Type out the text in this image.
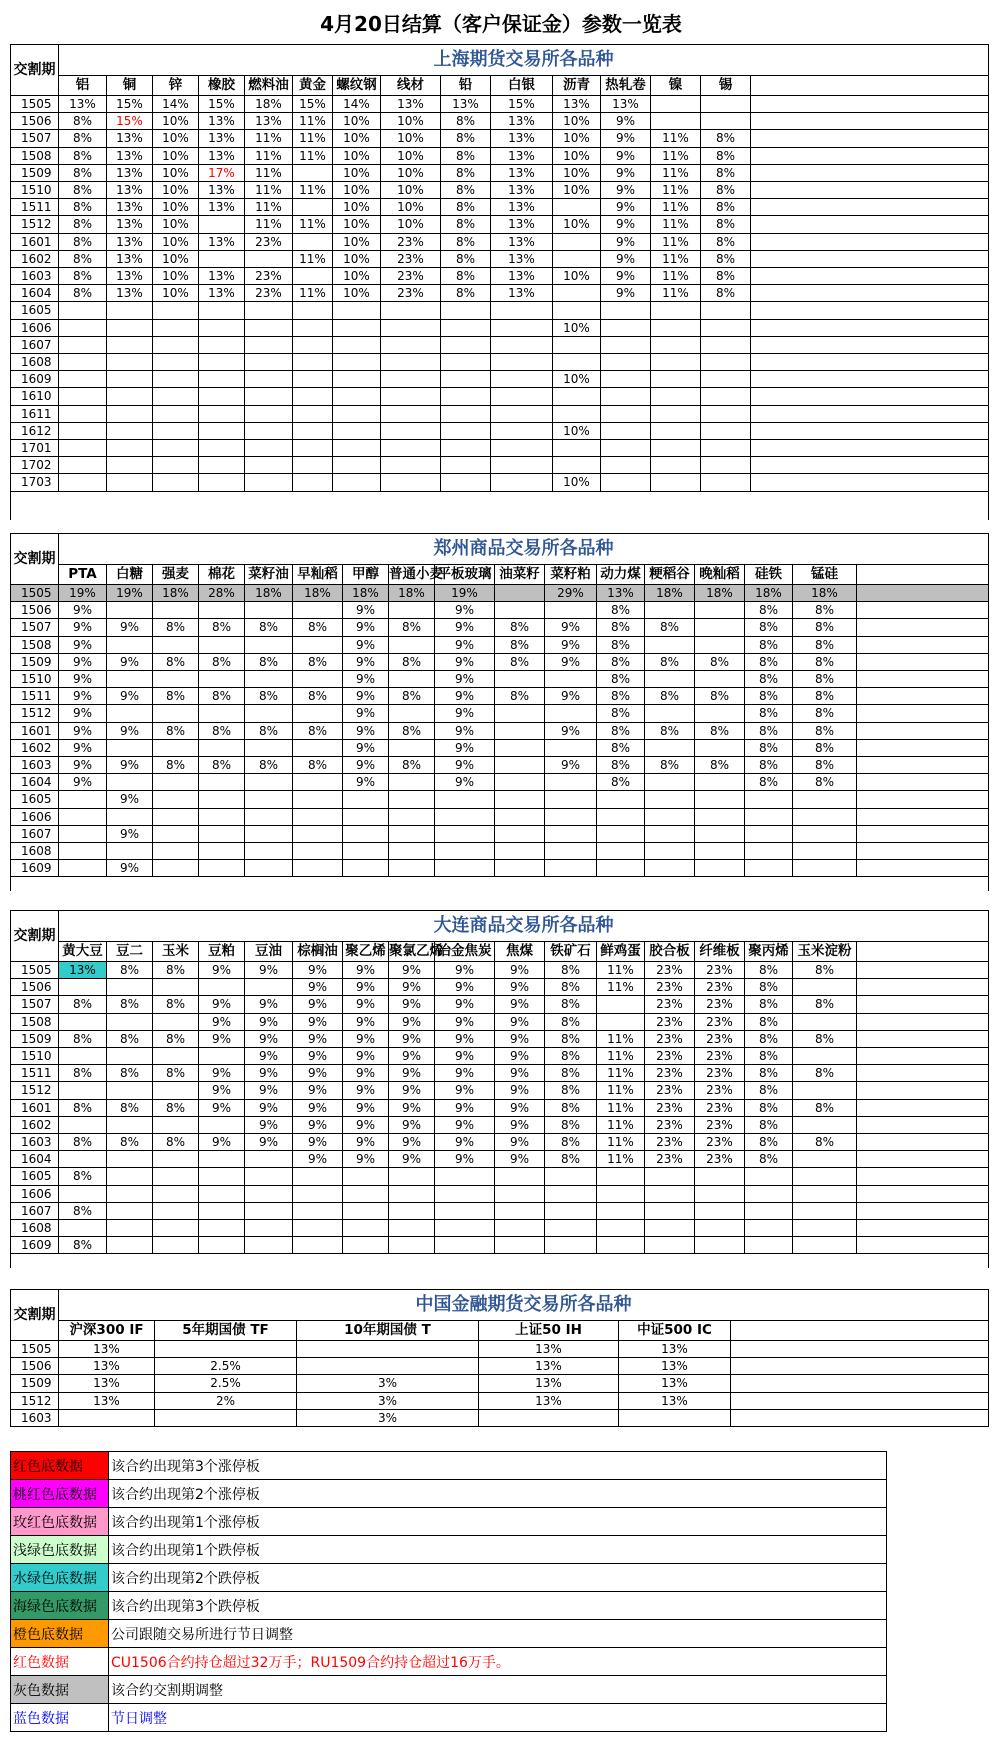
4月20日结算（客户保证金）参数一览表
交割期	上海期货交易所各品种														
	铝	铜	锌	橡胶	燃料油	黄金	螺纹钢	线材	铅	白银	沥青	热轧卷	镍	锡	
1505	13%	15%	14%	15%	18%	15%	14%	13%	13%	15%	13%	13%			
1506	8%	15%	10%	13%	13%	11%	10%	10%	8%	13%	10%	9%			
1507	8%	13%	10%	13%	11%	11%	10%	10%	8%	13%	10%	9%	11%	8%	
1508	8%	13%	10%	13%	11%	11%	10%	10%	8%	13%	10%	9%	11%	8%	
1509	8%	13%	10%	17%	11%		10%	10%	8%	13%	10%	9%	11%	8%	
1510	8%	13%	10%	13%	11%	11%	10%	10%	8%	13%	10%	9%	11%	8%	
1511	8%	13%	10%	13%	11%		10%	10%	8%	13%		9%	11%	8%	
1512	8%	13%	10%		11%	11%	10%	10%	8%	13%	10%	9%	11%	8%	
1601	8%	13%	10%	13%	23%		10%	23%	8%	13%		9%	11%	8%	
1602	8%	13%	10%			11%	10%	23%	8%	13%		9%	11%	8%	
1603	8%	13%	10%	13%	23%		10%	23%	8%	13%	10%	9%	11%	8%	
1604	8%	13%	10%	13%	23%	11%	10%	23%	8%	13%		9%	11%	8%	
1605															
1606											10%				
1607															
1608															
1609											10%				
1610															
1611															
1612											10%				
1701															
1702															
1703											10%				

交割期	郑州商品交易所各品种																
	PTA	白糖	强麦	棉花	菜籽油	早籼稻	甲醇	普通小麦	平板玻璃	油菜籽	菜籽粕	动力煤	粳稻谷	晚籼稻	硅铁	锰硅	
1505	19%	19%	18%	28%	18%	18%	18%	18%	19%		29%	13%	18%	18%	18%	18%	
1506	9%						9%		9%			8%			8%	8%	
1507	9%	9%	8%	8%	8%	8%	9%	8%	9%	8%	9%	8%	8%		8%	8%	
1508	9%						9%		9%	8%	9%	8%			8%	8%	
1509	9%	9%	8%	8%	8%	8%	9%	8%	9%	8%	9%	8%	8%	8%	8%	8%	
1510	9%						9%		9%			8%			8%	8%	
1511	9%	9%	8%	8%	8%	8%	9%	8%	9%	8%	9%	8%	8%	8%	8%	8%	
1512	9%						9%		9%			8%			8%	8%	
1601	9%	9%	8%	8%	8%	8%	9%	8%	9%		9%	8%	8%	8%	8%	8%	
1602	9%						9%		9%			8%			8%	8%	
1603	9%	9%	8%	8%	8%	8%	9%	8%	9%		9%	8%	8%	8%	8%	8%	
1604	9%						9%		9%			8%			8%	8%	
1605		9%															
1606																	
1607		9%															
1608																	
1609		9%															

交割期	大连商品交易所各品种																
	黄大豆	豆二	玉米	豆粕	豆油	棕榈油	聚乙烯	聚氯乙烯	冶金焦炭	焦煤	铁矿石	鲜鸡蛋	胶合板	纤维板	聚丙烯	玉米淀粉	
1505	13%	8%	8%	9%	9%	9%	9%	9%	9%	9%	8%	11%	23%	23%	8%	8%	
1506						9%	9%	9%	9%	9%	8%	11%	23%	23%	8%		
1507	8%	8%	8%	9%	9%	9%	9%	9%	9%	9%	8%		23%	23%	8%	8%	
1508				9%	9%	9%	9%	9%	9%	9%	8%		23%	23%	8%		
1509	8%	8%	8%	9%	9%	9%	9%	9%	9%	9%	8%	11%	23%	23%	8%	8%	
1510					9%	9%	9%	9%	9%	9%	8%	11%	23%	23%	8%		
1511	8%	8%	8%	9%	9%	9%	9%	9%	9%	9%	8%	11%	23%	23%	8%	8%	
1512				9%	9%	9%	9%	9%	9%	9%	8%	11%	23%	23%	8%		
1601	8%	8%	8%	9%	9%	9%	9%	9%	9%	9%	8%	11%	23%	23%	8%	8%	
1602					9%	9%	9%	9%	9%	9%	8%	11%	23%	23%	8%		
1603	8%	8%	8%	9%	9%	9%	9%	9%	9%	9%	8%	11%	23%	23%	8%	8%	
1604						9%	9%	9%	9%	9%	8%	11%	23%	23%	8%		
1605	8%																
1606																	
1607	8%																
1608																	
1609	8%																

交割期	中国金融期货交易所各品种					
	沪深300 IF	5年期国债 TF	10年期国债 T	上证50 IH	中证500 IC	
1505	13%			13%	13%	
1506	13%	2.5%		13%	13%	
1509	13%	2.5%	3%	13%	13%	
1512	13%	2%	3%	13%	13%	
1603			3%			
红色底数据	该合约出现第3个涨停板
桃红色底数据	该合约出现第2个涨停板
玫红色底数据	该合约出现第1个涨停板
浅绿色底数据	该合约出现第1个跌停板
水绿色底数据	该合约出现第2个跌停板
海绿色底数据	该合约出现第3个跌停板
橙色底数据	公司跟随交易所进行节日调整
红色数据	CU1506合约持仓超过32万手；RU1509合约持仓超过16万手。
灰色数据	该合约交割期调整
蓝色数据	节日调整
